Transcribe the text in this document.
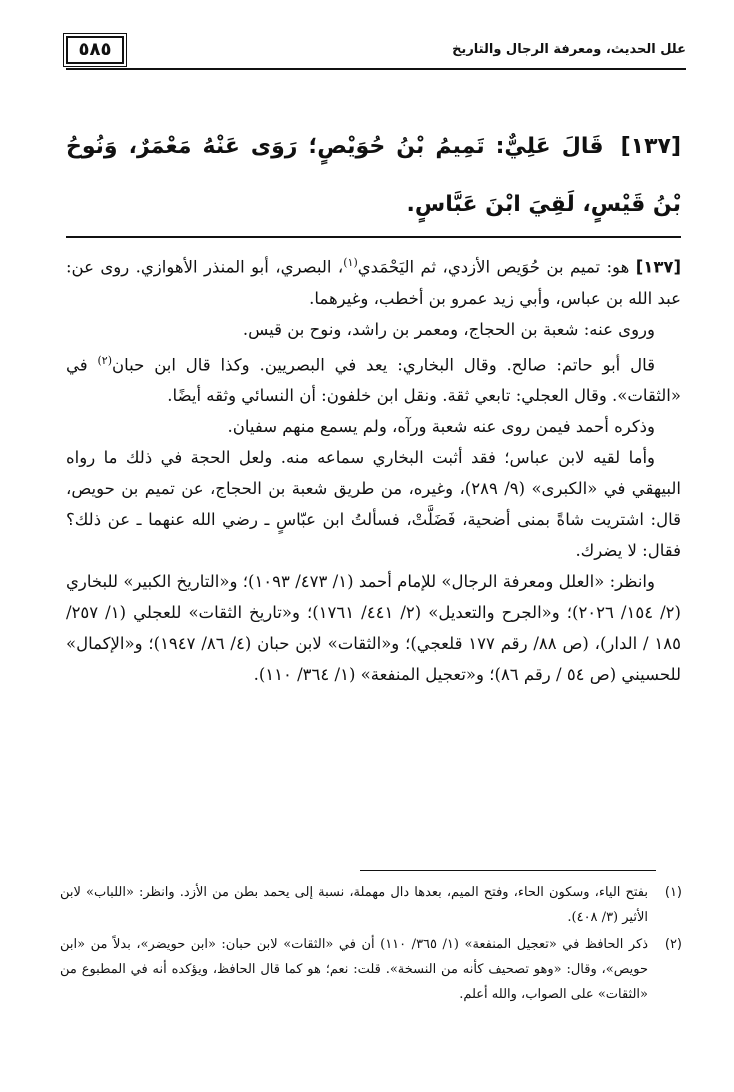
علل الحديث، ومعرفة الرجال والتاريخ
٥٨٥
[١٣٧] قَالَ عَلِيٌّ: تَمِيمُ بْنُ حُوَيْصٍ؛ رَوَى عَنْهُ مَعْمَرٌ، وَنُوحُ بْنُ قَيْسٍ، لَقِيَ ابْنَ عَبَّاسٍ.

[١٣٧] هو: تميم بن حُوَيص الأزدي، ثم اليَحْمَدي$^{(١)}$، البصري، أبو المنذر الأهوازي. روى عن: عبد الله بن عباس، وأبي زيد عمرو بن أخطب، وغيرهما.

وروى عنه: شعبة بن الحجاج، ومعمر بن راشد، ونوح بن قيس.

قال أبو حاتم: صالح. وقال البخاري: يعد في البصريين. وكذا قال ابن حبان$^{(٢)}$ في «الثقات». وقال العجلي: تابعي ثقة. ونقل ابن خلفون: أن النسائي وثقه أيضًا.

وذكره أحمد فيمن روى عنه شعبة ورآه، ولم يسمع منهم سفيان.

وأما لقيه لابن عباس؛ فقد أثبت البخاري سماعه منه. ولعل الحجة في ذلك ما رواه البيهقي في «الكبرى» (٩/ ٢٨٩)، وغيره، من طريق شعبة بن الحجاج، عن تميم بن حويص، قال: اشتريت شاةً بمنى أضحية، فَضَلَّتْ، فسألتُ ابن عبّاسٍ ـ رضي الله عنهما ـ عن ذلك؟ فقال: لا يضرك.

وانظر: «العلل ومعرفة الرجال» للإمام أحمد (١/ ٤٧٣/ ١٠٩٣)؛ و«التاريخ الكبير» للبخاري (٢/ ١٥٤/ ٢٠٢٦)؛ و«الجرح والتعديل» (٢/ ٤٤١/ ١٧٦١)؛ و«تاريخ الثقات» للعجلي (١/ ٢٥٧/ ١٨٥ / الدار)، (ص ٨٨/ رقم ١٧٧ قلعجي)؛ و«الثقات» لابن حبان (٤/ ٨٦/ ١٩٤٧)؛ و«الإكمال» للحسيني (ص ٥٤ / رقم ٨٦)؛ و«تعجيل المنفعة» (١/ ٣٦٤/ ١١٠).

(١)
بفتح الياء، وسكون الحاء، وفتح الميم، بعدها دال مهملة، نسبة إلى يحمد بطن من الأزد. وانظر: «اللباب» لابن الأثير (٣/ ٤٠٨).
(٢)
ذكر الحافظ في «تعجيل المنفعة» (١/ ٣٦٥/ ١١٠) أن في «الثقات» لابن حبان: «ابن حويضر»، بدلاً من «ابن حويص»، وقال: «وهو تصحيف كأنه من النسخة». قلت: نعم؛ هو كما قال الحافظ، ويؤكده أنه في المطبوع من «الثقات» على الصواب، والله أعلم.
